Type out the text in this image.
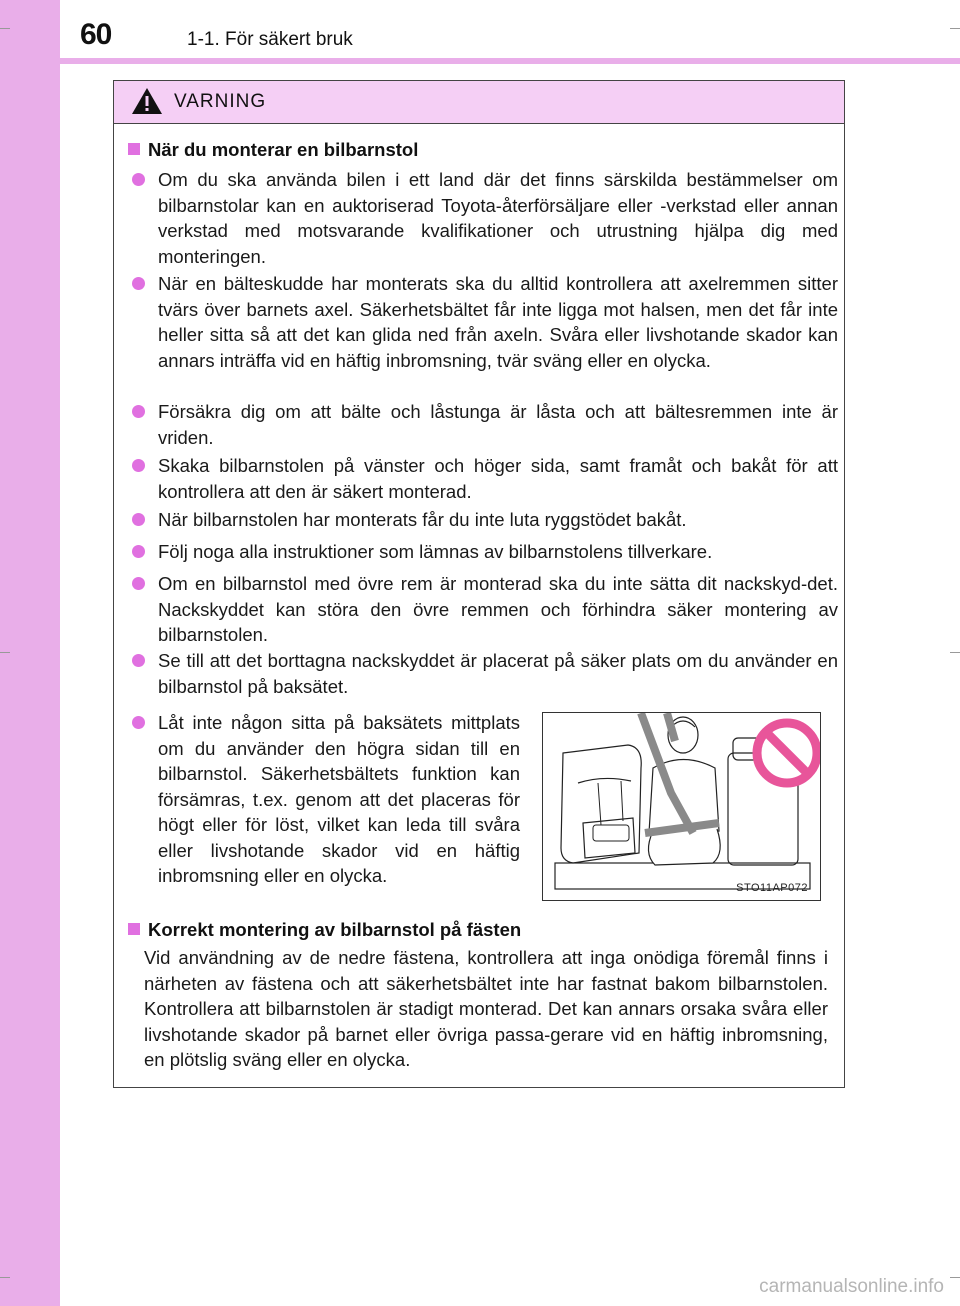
60	1-1. För säkert bruk
VARNING
När du monterar en bilbarnstol
Om du ska använda bilen i ett land där det finns särskilda bestämmelser om bilbarnstolar kan en auktoriserad Toyota-återförsäljare eller -verkstad eller annan verkstad med motsvarande kvalifikationer och utrustning hjälpa dig med monteringen.
När en bälteskudde har monterats ska du alltid kontrollera att axelremmen sitter tvärs över barnets axel. Säkerhetsbältet får inte ligga mot halsen, men det får inte heller sitta så att det kan glida ned från axeln. Svåra eller livshotande skador kan annars inträffa vid en häftig inbromsning, tvär sväng eller en olycka.
Försäkra dig om att bälte och låstunga är låsta och att bältesremmen inte är vriden.
Skaka bilbarnstolen på vänster och höger sida, samt framåt och bakåt för att kontrollera att den är säkert monterad.
När bilbarnstolen har monterats får du inte luta ryggstödet bakåt.
Följ noga alla instruktioner som lämnas av bilbarnstolens tillverkare.
Om en bilbarnstol med övre rem är monterad ska du inte sätta dit nackskyd-det. Nackskyddet kan störa den övre remmen och förhindra säker montering av bilbarnstolen.
Se till att det borttagna nackskyddet är placerat på säker plats om du använder en bilbarnstol på baksätet.
Låt inte någon sitta på baksätets mittplats om du använder den högra sidan till en bilbarnstol. Säkerhetsbältets funktion kan försämras, t.ex. genom att det placeras för högt eller för löst, vilket kan leda till svåra eller livshotande skador vid en häftig inbromsning eller en olycka.
Korrekt montering av bilbarnstol på fästen
Vid användning av de nedre fästena, kontrollera att inga onödiga föremål finns i närheten av fästena och att säkerhetsbältet inte har fastnat bakom bilbarnstolen. Kontrollera att bilbarnstolen är stadigt monterad. Det kan annars orsaka svåra eller livshotande skador på barnet eller övriga passa-gerare vid en häftig inbromsning, en plötslig sväng eller en olycka.
STO11AP072
carmanualsonline.info
